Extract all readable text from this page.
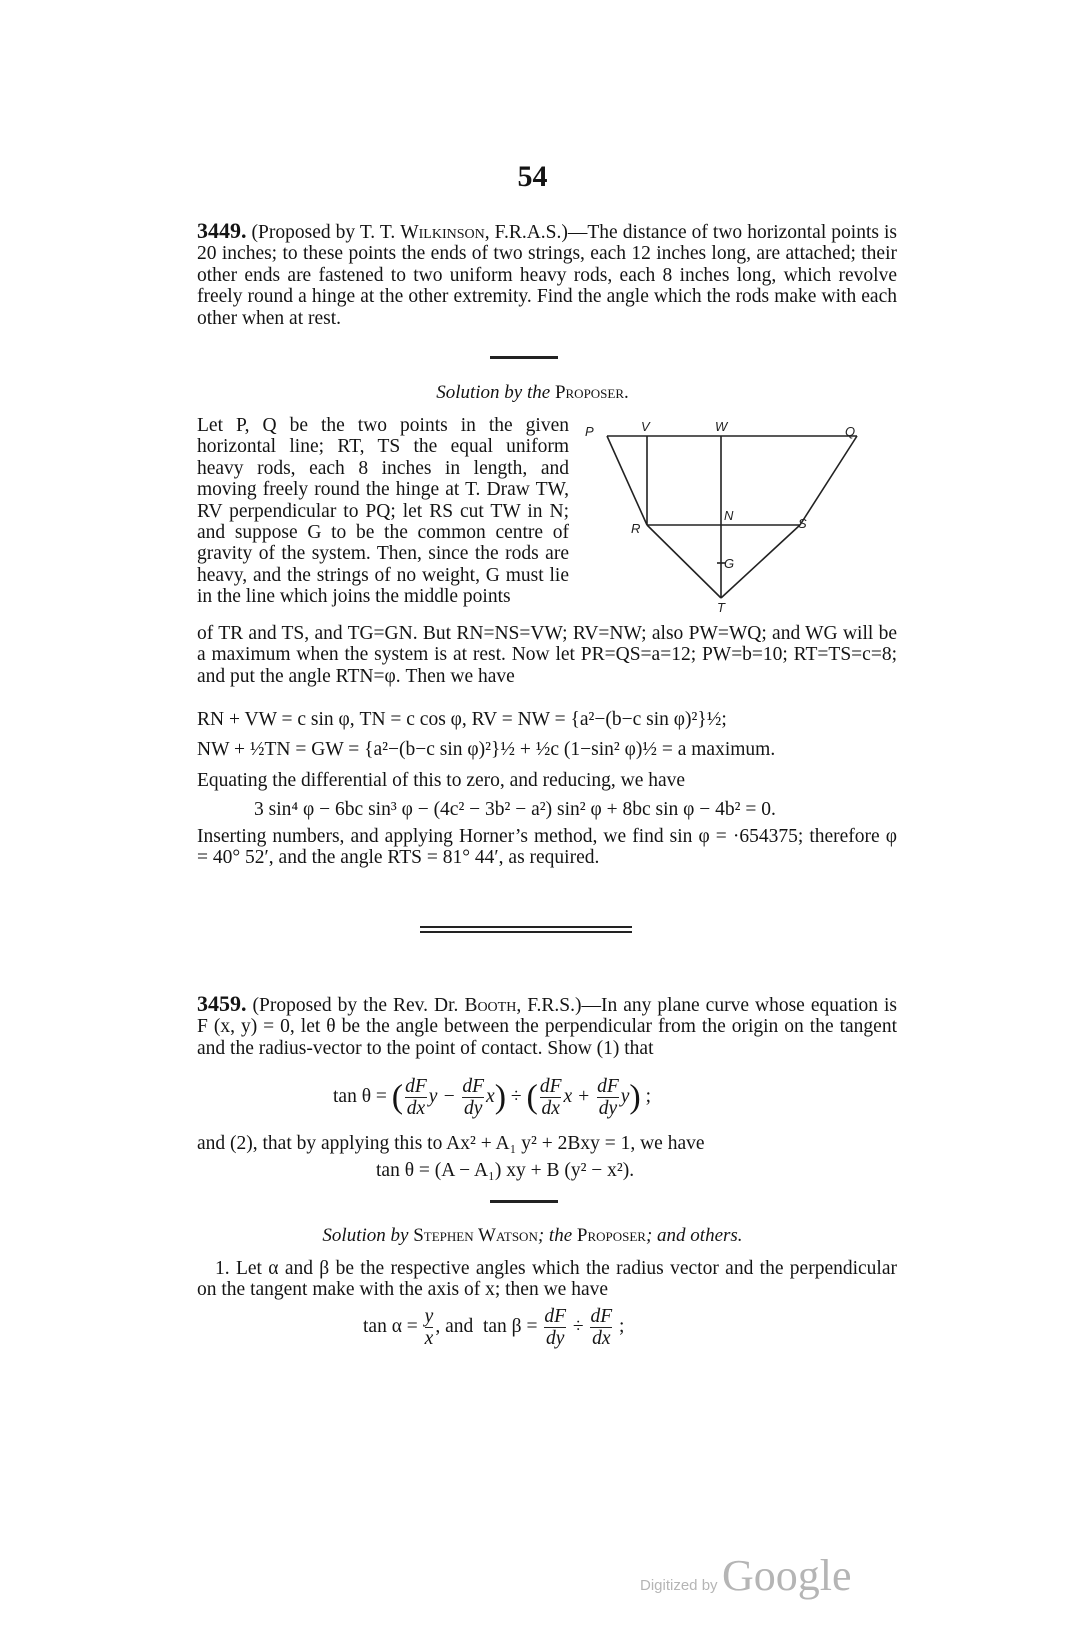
54
3449. (Proposed by T. T. Wilkinson, F.R.A.S.)—The distance of two horizontal points is 20 inches; to these points the ends of two strings, each 12 inches long, are attached; their other ends are fastened to two uniform heavy rods, each 8 inches long, which revolve freely round a hinge at the other extremity. Find the angle which the rods make with each other when at rest.
Solution by the Proposer.
Let P, Q be the two points in the given horizontal line; RT, TS the equal uniform heavy rods, each 8 inches in length, and moving freely round the hinge at T. Draw TW, RV perpendicular to PQ; let RS cut TW in N; and suppose G to be the common centre of gravity of the system. Then, since the rods are heavy, and the strings of no weight, G must lie in the line which joins the middle points
P	V	W	Q
R
N
S
G
T
of TR and TS, and TG=GN. But RN=NS=VW; RV=NW; also PW=WQ; and WG will be a maximum when the system is at rest. Now let PR=QS=a=12; PW=b=10; RT=TS=c=8; and put the angle RTN=φ. Then we have
RN + VW = c sin φ, TN = c cos φ, RV = NW = {a²−(b−c sin φ)²}½;
NW + ½TN = GW = {a²−(b−c sin φ)²}½ + ½c (1−sin² φ)½ = a maximum.
Equating the differential of this to zero, and reducing, we have
3 sin⁴ φ − 6bc sin³ φ − (4c² − 3b² − a²) sin² φ + 8bc sin φ − 4b² = 0.
Inserting numbers, and applying Horner’s method, we find sin φ = ·654375; therefore φ = 40° 52′, and the angle RTS = 81° 44′, as required.
3459. (Proposed by the Rev. Dr. Booth, F.R.S.)—In any plane curve whose equation is F (x, y) = 0, let θ be the angle between the perpendicular from the origin on the tangent and the radius-vector to the point of contact. Show (1) that
tan θ = ( $\frac{dF}{dx}$ $y - \frac{dF}{dy} x$) ÷ ( $\frac{dF}{dx}$ $x + \frac{dF}{dy} y$) ;
and (2), that by applying this to Ax² + A₁ y² + 2Bxy = 1, we have
tan θ = (A − A₁) xy + B (y² − x²).
Solution by Stephen Watson; the Proposer; and others.
1. Let α and β be the respective angles which the radius vector and the perpendicular on the tangent make with the axis of x; then we have
$\tan \alpha = \frac{y}{x}$ , and $\tan \beta = \frac{dF}{dy} \div \frac{dF}{dx}$ ;
Digitized by Google
